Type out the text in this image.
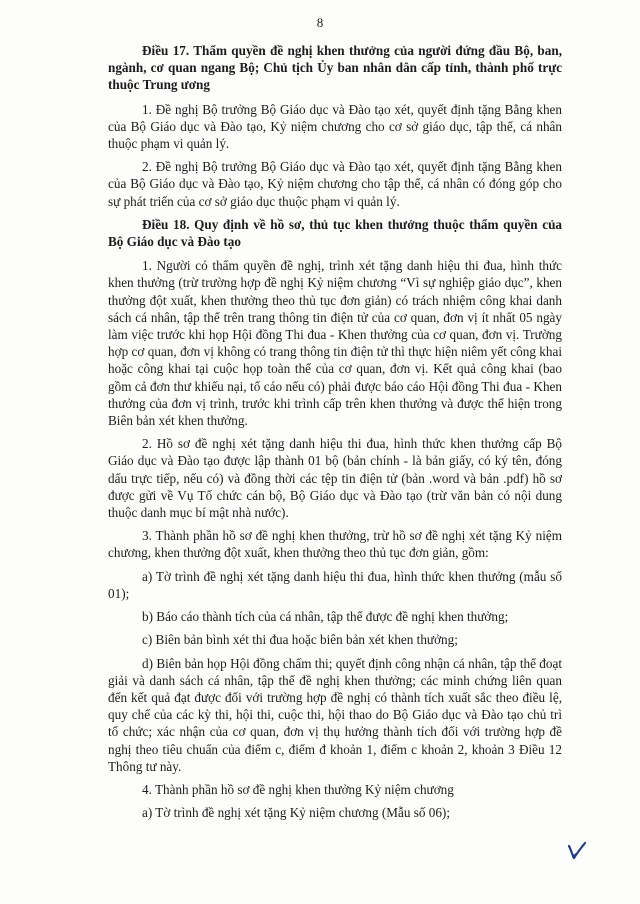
8

Điều 17. Thẩm quyền đề nghị khen thưởng của người đứng đầu Bộ, ban, ngành, cơ quan ngang Bộ; Chủ tịch Ủy ban nhân dân cấp tỉnh, thành phố trực thuộc Trung ương

1. Đề nghị Bộ trưởng Bộ Giáo dục và Đào tạo xét, quyết định tặng Bằng khen của Bộ Giáo dục và Đào tạo, Kỷ niệm chương cho cơ sở giáo dục, tập thể, cá nhân thuộc phạm vi quản lý.

2. Đề nghị Bộ trưởng Bộ Giáo dục và Đào tạo xét, quyết định tặng Bằng khen của Bộ Giáo dục và Đào tạo, Kỷ niệm chương cho tập thể, cá nhân có đóng góp cho sự phát triển của cơ sở giáo dục thuộc phạm vi quản lý.

Điều 18. Quy định về hồ sơ, thủ tục khen thưởng thuộc thẩm quyền của Bộ Giáo dục và Đào tạo

1. Người có thẩm quyền đề nghị, trình xét tặng danh hiệu thi đua, hình thức khen thưởng (trừ trường hợp đề nghị Kỷ niệm chương “Vì sự nghiệp giáo dục”, khen thưởng đột xuất, khen thưởng theo thủ tục đơn giản) có trách nhiệm công khai danh sách cá nhân, tập thể trên trang thông tin điện tử của cơ quan, đơn vị ít nhất 05 ngày làm việc trước khi họp Hội đồng Thi đua - Khen thưởng của cơ quan, đơn vị. Trường hợp cơ quan, đơn vị không có trang thông tin điện tử thì thực hiện niêm yết công khai hoặc công khai tại cuộc họp toàn thể của cơ quan, đơn vị. Kết quả công khai (bao gồm cả đơn thư khiếu nại, tố cáo nếu có) phải được báo cáo Hội đồng Thi đua - Khen thưởng của đơn vị trình, trước khi trình cấp trên khen thưởng và được thể hiện trong Biên bản xét khen thưởng.

2. Hồ sơ đề nghị xét tặng danh hiệu thi đua, hình thức khen thưởng cấp Bộ Giáo dục và Đào tạo được lập thành 01 bộ (bản chính - là bản giấy, có ký tên, đóng dấu trực tiếp, nếu có) và đồng thời các tệp tin điện tử (bản .word và bản .pdf) hồ sơ được gửi về Vụ Tổ chức cán bộ, Bộ Giáo dục và Đào tạo (trừ văn bản có nội dung thuộc danh mục bí mật nhà nước).

3. Thành phần hồ sơ đề nghị khen thưởng, trừ hồ sơ đề nghị xét tặng Kỷ niệm chương, khen thưởng đột xuất, khen thưởng theo thủ tục đơn giản, gồm:

a) Tờ trình đề nghị xét tặng danh hiệu thi đua, hình thức khen thưởng (mẫu số 01);

b) Báo cáo thành tích của cá nhân, tập thể được đề nghị khen thưởng;

c) Biên bản bình xét thi đua hoặc biên bản xét khen thưởng;

d) Biên bản họp Hội đồng chấm thi; quyết định công nhận cá nhân, tập thể đoạt giải và danh sách cá nhân, tập thể đề nghị khen thưởng; các minh chứng liên quan đến kết quả đạt được đối với trường hợp đề nghị có thành tích xuất sắc theo điều lệ, quy chế của các kỳ thi, hội thi, cuộc thi, hội thao do Bộ Giáo dục và Đào tạo chủ trì tổ chức; xác nhận của cơ quan, đơn vị thụ hưởng thành tích đối với trường hợp đề nghị theo tiêu chuẩn của điểm c, điểm đ khoản 1, điểm c khoản 2, khoản 3 Điều 12 Thông tư này.

4. Thành phần hồ sơ đề nghị khen thưởng Kỷ niệm chương

a) Tờ trình đề nghị xét tặng Kỷ niệm chương (Mẫu số 06);
